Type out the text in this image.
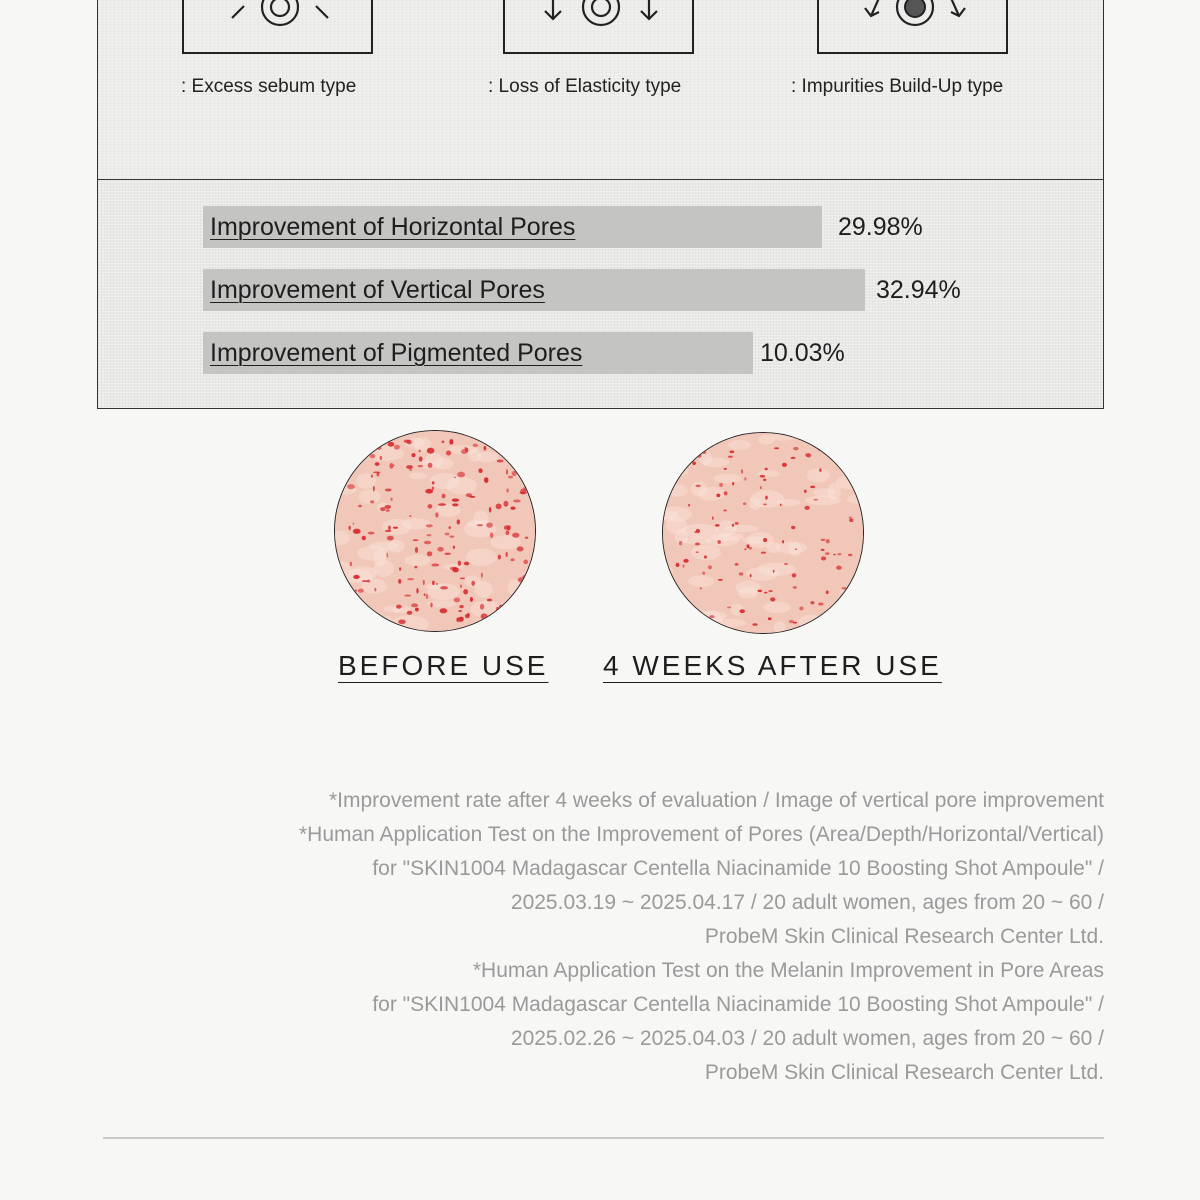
: Excess sebum type	: Loss of Elasticity type	: Impurities Build-Up type
Improvement of Horizontal Pores	29.98%
Improvement of Vertical Pores	32.94%
Improvement of Pigmented Pores	10.03%
BEFORE USE 4 WEEKS AFTER USE
*Improvement rate after 4 weeks of evaluation / Image of vertical pore improvement
*Human Application Test on the Improvement of Pores (Area/Depth/Horizontal/Vertical)
for "SKIN1004 Madagascar Centella Niacinamide 10 Boosting Shot Ampoule" /
2025.03.19 ~ 2025.04.17 / 20 adult women, ages from 20 ~ 60 /
ProbeM Skin Clinical Research Center Ltd.
*Human Application Test on the Melanin Improvement in Pore Areas
for "SKIN1004 Madagascar Centella Niacinamide 10 Boosting Shot Ampoule" /
2025.02.26 ~ 2025.04.03 / 20 adult women, ages from 20 ~ 60 /
ProbeM Skin Clinical Research Center Ltd.
